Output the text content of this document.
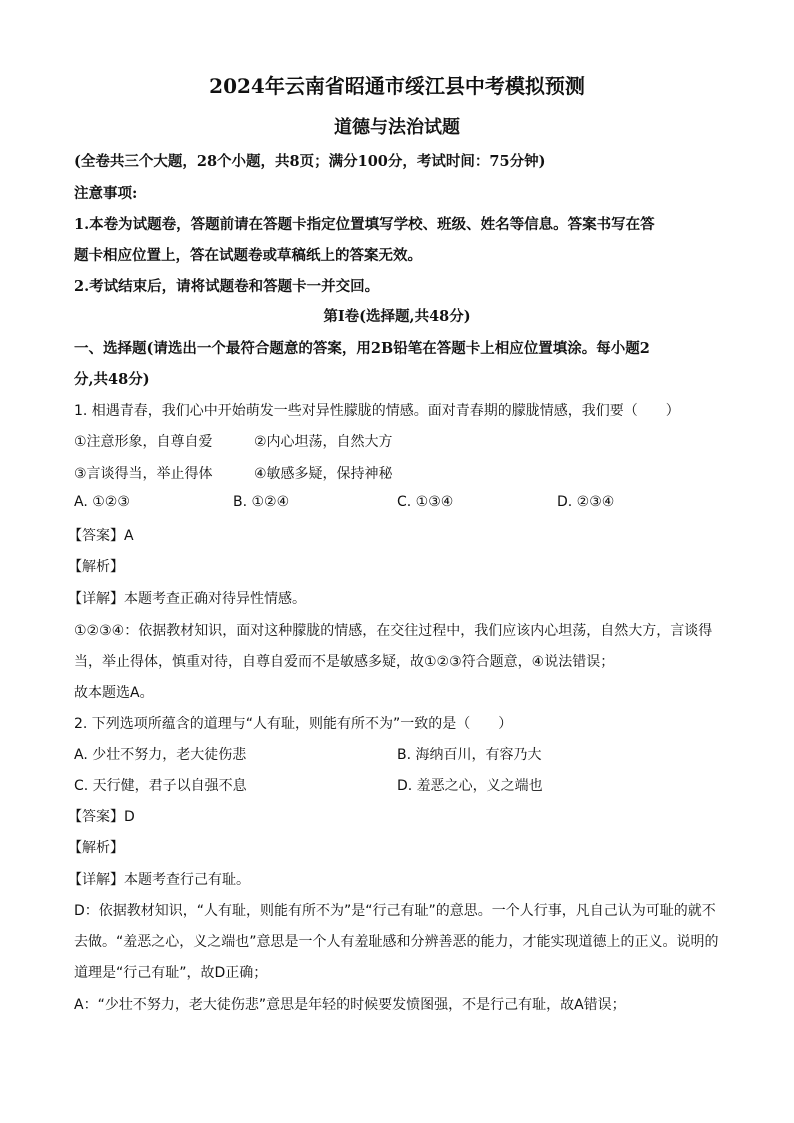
2024年云南省昭通市绥江县中考模拟预测
道德与法治试题
(全卷共三个大题，28个小题，共8页；满分100分，考试时间：75分钟)
注意事项:
1.本卷为试题卷，答题前请在答题卡指定位置填写学校、班级、姓名等信息。答案书写在答
题卡相应位置上，答在试题卷或草稿纸上的答案无效。
2.考试结束后，请将试题卷和答题卡一并交回。
第Ⅰ卷(选择题,共48分)
一、选择题(请选出一个最符合题意的答案，用2B铅笔在答题卡上相应位置填涂。每小题2
分,共48分)
1. 相遇青春，我们心中开始萌发一些对异性朦胧的情感。面对青春期的朦胧情感，我们要（　　）
①注意形象，自尊自爱	②内心坦荡，自然大方
③言谈得当，举止得体	④敏感多疑，保持神秘
A. ①②③	B. ①②④	C. ①③④	D. ②③④
【答案】A
【解析】
【详解】本题考查正确对待异性情感。
①②③④：依据教材知识，面对这种朦胧的情感，在交往过程中，我们应该内心坦荡，自然大方，言谈得
当，举止得体，慎重对待，自尊自爱而不是敏感多疑，故①②③符合题意，④说法错误；
故本题选A。
2. 下列选项所蕴含的道理与“人有耻，则能有所不为”一致的是（　　）
A. 少壮不努力，老大徒伤悲	B. 海纳百川，有容乃大
C. 天行健，君子以自强不息	D. 羞恶之心，义之端也
【答案】D
【解析】
【详解】本题考查行己有耻。
D：依据教材知识，“人有耻，则能有所不为”是“行己有耻”的意思。一个人行事，凡自己认为可耻的就不
去做。“羞恶之心，义之端也”意思是一个人有羞耻感和分辨善恶的能力，才能实现道德上的正义。说明的
道理是“行己有耻”，故D正确；
A：“少壮不努力，老大徒伤悲”意思是年轻的时候要发愤图强，不是行己有耻，故A错误；
